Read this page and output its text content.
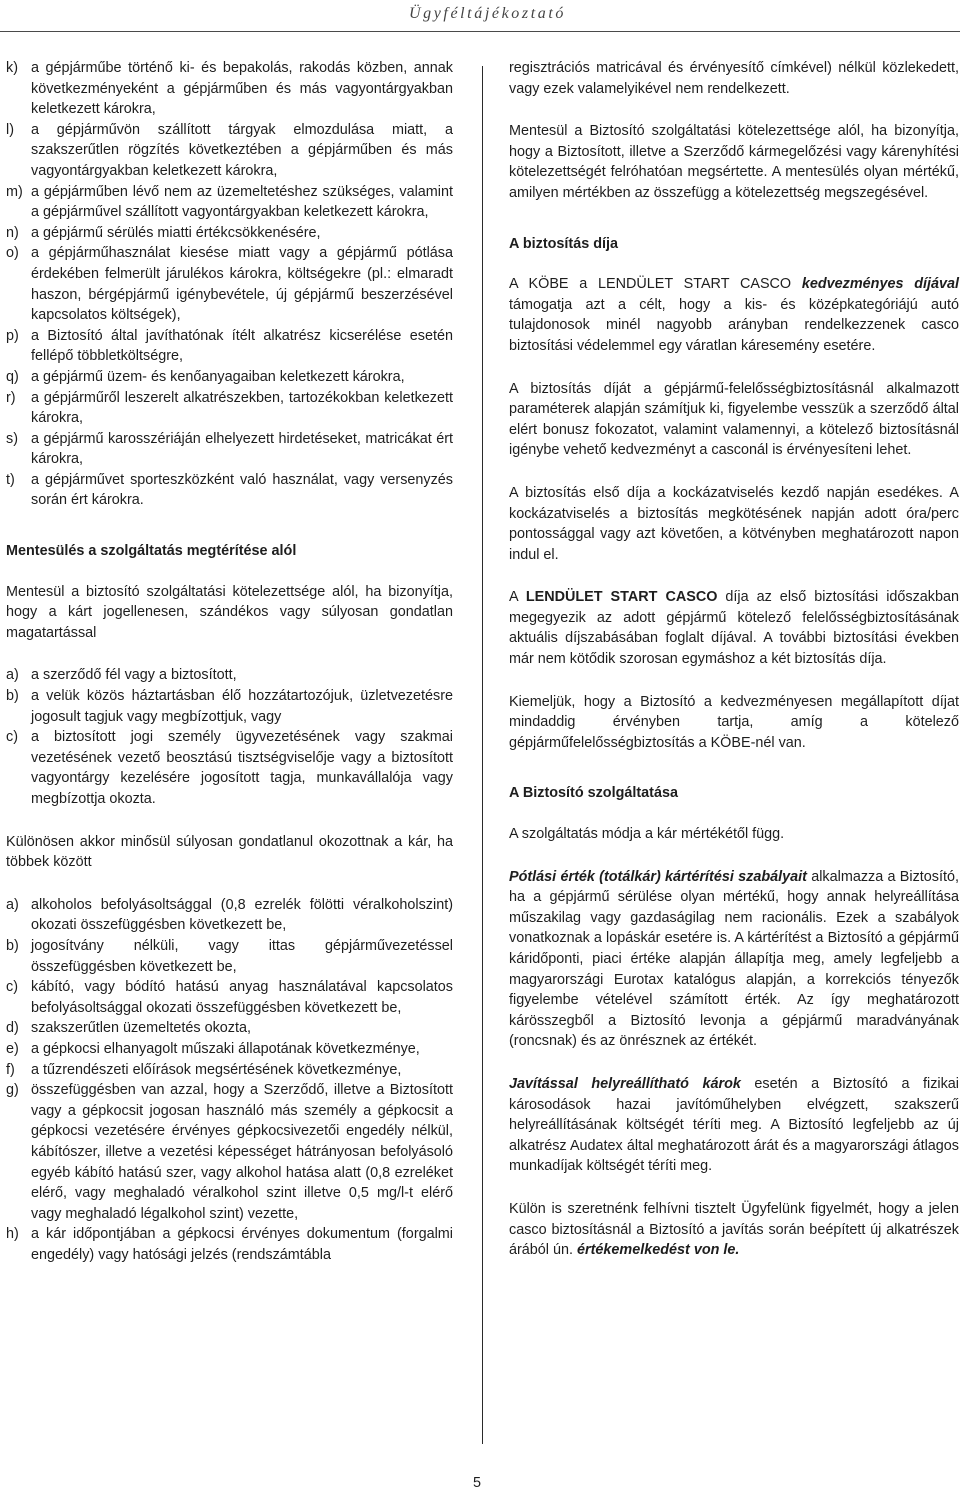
Ügyféltájékoztató
k) a gépjárműbe történő ki- és bepakolás, rakodás közben, annak következményeként a gépjárműben és más vagyontárgyakban keletkezett károkra,
l) a gépjárművön szállított tárgyak elmozdulása miatt, a szakszerűtlen rögzítés következtében a gépjárműben és más vagyontárgyakban keletkezett károkra,
m) a gépjárműben lévő nem az üzemeltetéshez szükséges, valamint a gépjárművel szállított vagyontárgyakban keletkezett károkra,
n) a gépjármű sérülés miatti értékcsökkenésére,
o) a gépjárműhasználat kiesése miatt vagy a gépjármű pótlása érdekében felmerült járulékos károkra, költségekre (pl.: elmaradt haszon, bérgépjármű igénybevétele, új gépjármű beszerzésével kapcsolatos költségek),
p) a Biztosító által javíthatónak ítélt alkatrész kicserélése esetén fellépő többletköltségre,
q) a gépjármű üzem- és kenőanyagaiban keletkezett károkra,
r) a gépjárműről leszerelt alkatrészekben, tartozékokban keletkezett károkra,
s) a gépjármű karosszériáján elhelyezett hirdetéseket, matricákat ért károkra,
t) a gépjárművet sporteszközként való használat, vagy versenyzés során ért károkra.

Mentesülés a szolgáltatás megtérítése alól

Mentesül a biztosító szolgáltatási kötelezettsége alól, ha bizonyítja, hogy a kárt jogellenesen, szándékos vagy súlyosan gondatlan magatartással

a) a szerződő fél vagy a biztosított,
b) a velük közös háztartásban élő hozzátartozójuk, üzletvezetésre jogosult tagjuk vagy megbízottjuk, vagy
c) a biztosított jogi személy ügyvezetésének vagy szakmai vezetésének vezető beosztású tisztségviselője vagy a biztosított vagyontárgy kezelésére jogosított tagja, munkavállalója vagy megbízottja okozta.

Különösen akkor minősül súlyosan gondatlanul okozottnak a kár, ha többek között

a) alkoholos befolyásoltsággal (0,8 ezrelék fölötti véralkoholszint) okozati összefüggésben következett be,
b) jogosítvány nélküli, vagy ittas gépjárművezetéssel összefüggésben következett be,
c) kábító, vagy bódító hatású anyag használatával kapcsolatos befolyásoltsággal okozati összefüggésben következett be,
d) szakszerűtlen üzemeltetés okozta,
e) a gépkocsi elhanyagolt műszaki állapotának következménye,
f) a tűzrendészeti előírások megsértésének következménye,
g) összefüggésben van azzal, hogy a Szerződő, illetve a Biztosított vagy a gépkocsit jogosan használó más személy a gépkocsit a gépkocsi vezetésére érvényes gépkocsivezetői engedély nélkül, kábítószer, illetve a vezetési képességet hátrányosan befolyásoló egyéb kábító hatású szer, vagy alkohol hatása alatt (0,8 ezreléket elérő, vagy meghaladó véralkohol szint illetve 0,5 mg/l-t elérő vagy meghaladó légalkohol szint) vezette,
h) a kár időpontjában a gépkocsi érvényes dokumentum (forgalmi engedély) vagy hatósági jelzés (rendszámtábla

regisztrációs matricával és érvényesítő címkével) nélkül közlekedett, vagy ezek valamelyikével nem rendelkezett.

Mentesül a Biztosító szolgáltatási kötelezettsége alól, ha bizonyítja, hogy a Biztosított, illetve a Szerződő kármegelőzési vagy kárenyhítési kötelezettségét felróhatóan megsértette. A mentesülés olyan mértékű, amilyen mértékben az összefügg a kötelezettség megszegésével.

A biztosítás díja

A KÖBE a LENDÜLET START CASCO kedvezményes díjával támogatja azt a célt, hogy a kis- és középkategóriájú autó tulajdonosok minél nagyobb arányban rendelkezzenek casco biztosítási védelemmel egy váratlan káresemény esetére.

A biztosítás díját a gépjármű-felelősségbiztosításnál alkalmazott paraméterek alapján számítjuk ki, figyelembe vesszük a szerződő által elért bonusz fokozatot, valamint valamennyi, a kötelező biztosításnál igénybe vehető kedvezményt a casconál is érvényesíteni lehet.

A biztosítás első díja a kockázatviselés kezdő napján esedékes. A kockázatviselés a biztosítás megkötésének napján adott óra/perc pontossággal vagy azt követően, a kötvényben meghatározott napon indul el.

A LENDÜLET START CASCO díja az első biztosítási időszakban megegyezik az adott gépjármű kötelező felelősségbiztosításának aktuális díjszabásában foglalt díjával. A további biztosítási években már nem kötődik szorosan egymáshoz a két biztosítás díja.

Kiemeljük, hogy a Biztosító a kedvezményesen megállapított díjat mindaddig érvényben tartja, amíg a kötelező gépjárműfelelősségbiztosítás a KÖBE-nél van.

A Biztosító szolgáltatása

A szolgáltatás módja a kár mértékétől függ.

Pótlási érték (totálkár) kártérítési szabályait alkalmazza a Biztosító, ha a gépjármű sérülése olyan mértékű, hogy annak helyreállítása műszakilag vagy gazdaságilag nem racionális. Ezek a szabályok vonatkoznak a lopáskár esetére is. A kártérítést a Biztosító a gépjármű káridőponti, piaci értéke alapján állapítja meg, amely legfeljebb a magyarországi Eurotax katalógus alapján, a korrekciós tényezők figyelembe vételével számított érték. Az így meghatározott kárösszegből a Biztosító levonja a gépjármű maradványának (roncsnak) és az önrésznek az értékét.

Javítással helyreállítható károk esetén a Biztosító a fizikai károsodások hazai javítóműhelyben elvégzett, szakszerű helyreállításának költségét téríti meg. A Biztosító legfeljebb az új alkatrész Audatex által meghatározott árát és a magyarországi átlagos munkadíjak költségét téríti meg.

Külön is szeretnénk felhívni tisztelt Ügyfelünk figyelmét, hogy a jelen casco biztosításnál a Biztosító a javítás során beépített új alkatrészek árából ún. értékemelkedést von le.

5
